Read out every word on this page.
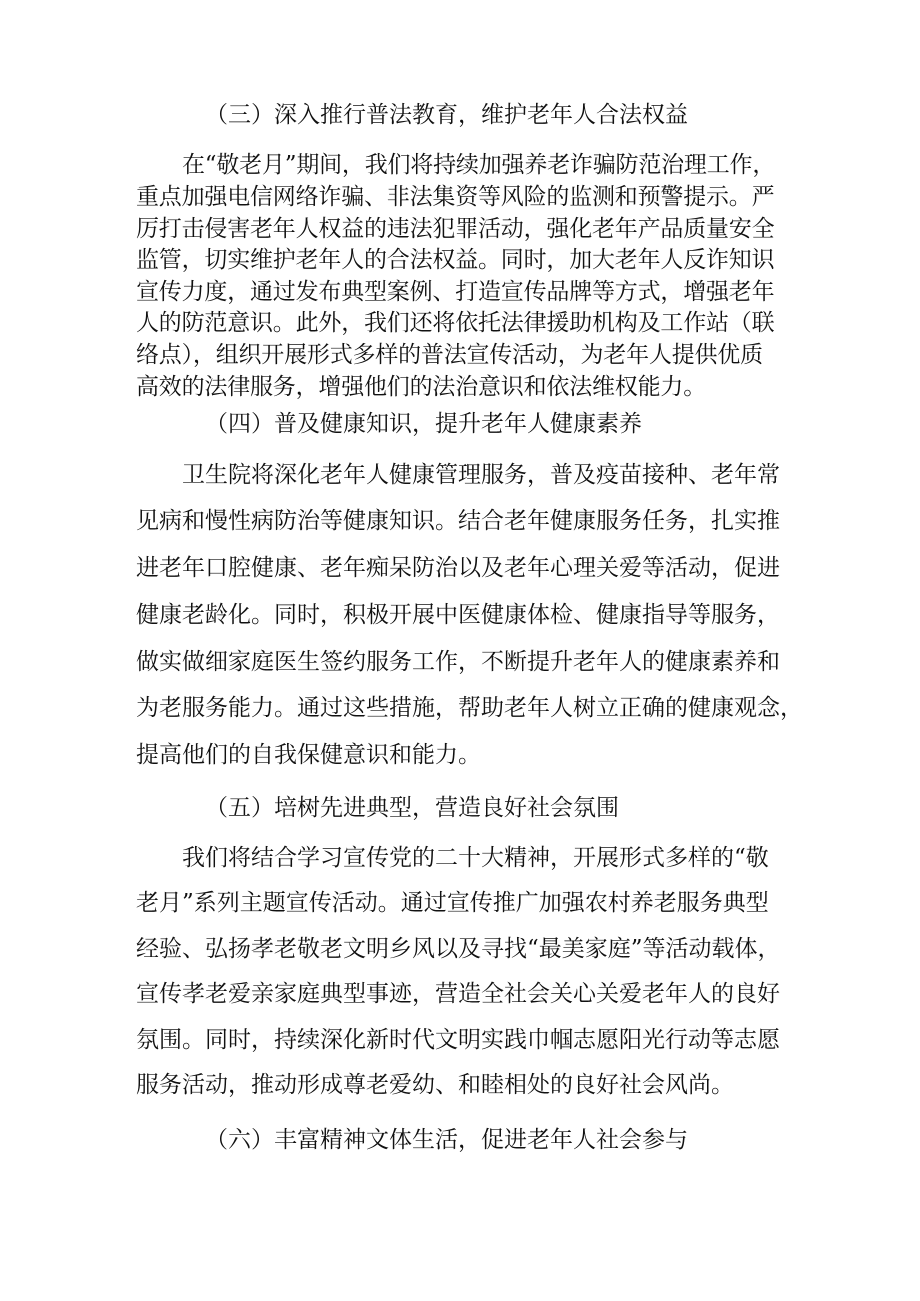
（三）深入推行普法教育，维护老年人合法权益
在“敬老月”期间，我们将持续加强养老诈骗防范治理工作，
重点加强电信网络诈骗、非法集资等风险的监测和预警提示。严
厉打击侵害老年人权益的违法犯罪活动，强化老年产品质量安全
监管，切实维护老年人的合法权益。同时，加大老年人反诈知识
宣传力度，通过发布典型案例、打造宣传品牌等方式，增强老年
人的防范意识。此外，我们还将依托法律援助机构及工作站（联
络点），组织开展形式多样的普法宣传活动，为老年人提供优质
高效的法律服务，增强他们的法治意识和依法维权能力。
（四）普及健康知识，提升老年人健康素养
卫生院将深化老年人健康管理服务，普及疫苗接种、老年常
见病和慢性病防治等健康知识。结合老年健康服务任务，扎实推
进老年口腔健康、老年痴呆防治以及老年心理关爱等活动，促进
健康老龄化。同时，积极开展中医健康体检、健康指导等服务，
做实做细家庭医生签约服务工作，不断提升老年人的健康素养和
为老服务能力。通过这些措施，帮助老年人树立正确的健康观念，
提高他们的自我保健意识和能力。
（五）培树先进典型，营造良好社会氛围
我们将结合学习宣传党的二十大精神，开展形式多样的“敬
老月”系列主题宣传活动。通过宣传推广加强农村养老服务典型
经验、弘扬孝老敬老文明乡风以及寻找“最美家庭”等活动载体，
宣传孝老爱亲家庭典型事迹，营造全社会关心关爱老年人的良好
氛围。同时，持续深化新时代文明实践巾帼志愿阳光行动等志愿
服务活动，推动形成尊老爱幼、和睦相处的良好社会风尚。
（六）丰富精神文体生活，促进老年人社会参与
